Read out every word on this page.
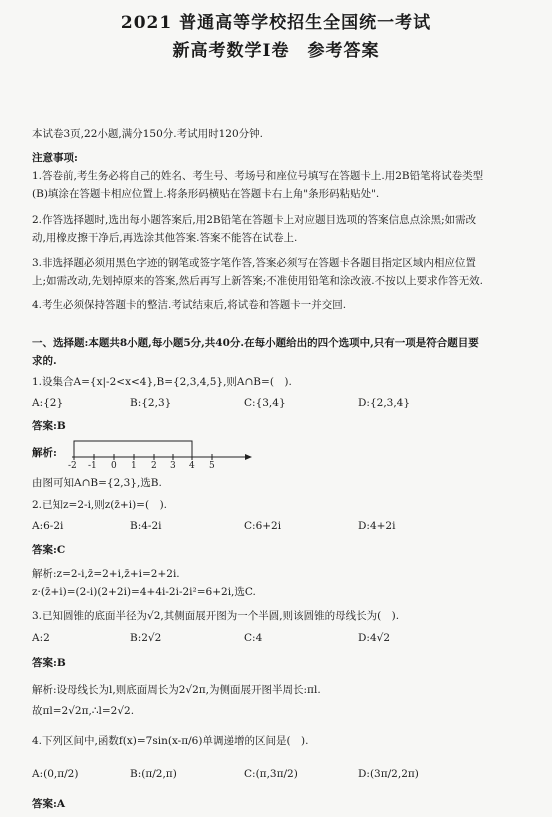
2021 普通高等学校招生全国统一考试
新高考数学Ⅰ卷　参考答案
本试卷3页,22小题,满分150分.考试用时120分钟.
注意事项:
1.答卷前,考生务必将自己的姓名、考生号、考场号和座位号填写在答题卡上.用2B铅笔将试卷类型
(B)填涂在答题卡相应位置上.将条形码横贴在答题卡右上角"条形码粘贴处".
2.作答选择题时,选出每小题答案后,用2B铅笔在答题卡上对应题目选项的答案信息点涂黑;如需改
动,用橡皮擦干净后,再选涂其他答案.答案不能答在试卷上.
3.非选择题必须用黑色字迹的钢笔或签字笔作答,答案必须写在答题卡各题目指定区域内相应位置
上;如需改动,先划掉原来的答案,然后再写上新答案;不准使用铅笔和涂改液.不按以上要求作答无效.
4.考生必须保持答题卡的整洁.考试结束后,将试卷和答题卡一并交回.
一、选择题:本题共8小题,每小题5分,共40分.在每小题给出的四个选项中,只有一项是符合题目要
求的.
1.设集合A={x|-2<x<4},B={2,3,4,5},则A∩B=(　).
A:{2}	B:{2,3}	C:{3,4}	D:{2,3,4}
答案:B
解析:
-2 -1 0 1 2 3 4 5
由图可知A∩B={2,3},选B.
2.已知z=2-i,则z(z̄+i)=(　).
A:6-2i	B:4-2i	C:6+2i	D:4+2i
答案:C
解析:z=2-i,z̄=2+i,z̄+i=2+2i.
z·(z̄+i)=(2-i)(2+2i)=4+4i-2i-2i²=6+2i,选C.
3.已知圆锥的底面半径为√2,其侧面展开图为一个半圆,则该圆锥的母线长为(　).
A:2	B:2√2	C:4	D:4√2
答案:B
解析:设母线长为l,则底面周长为2√2π,为侧面展开图半周长:πl.
故πl=2√2π,∴l=2√2.
4.下列区间中,函数f(x)=7sin(x-π/6)单调递增的区间是(　).
A:(0,π/2)	B:(π/2,π)	C:(π,3π/2)	D:(3π/2,2π)
答案:A
